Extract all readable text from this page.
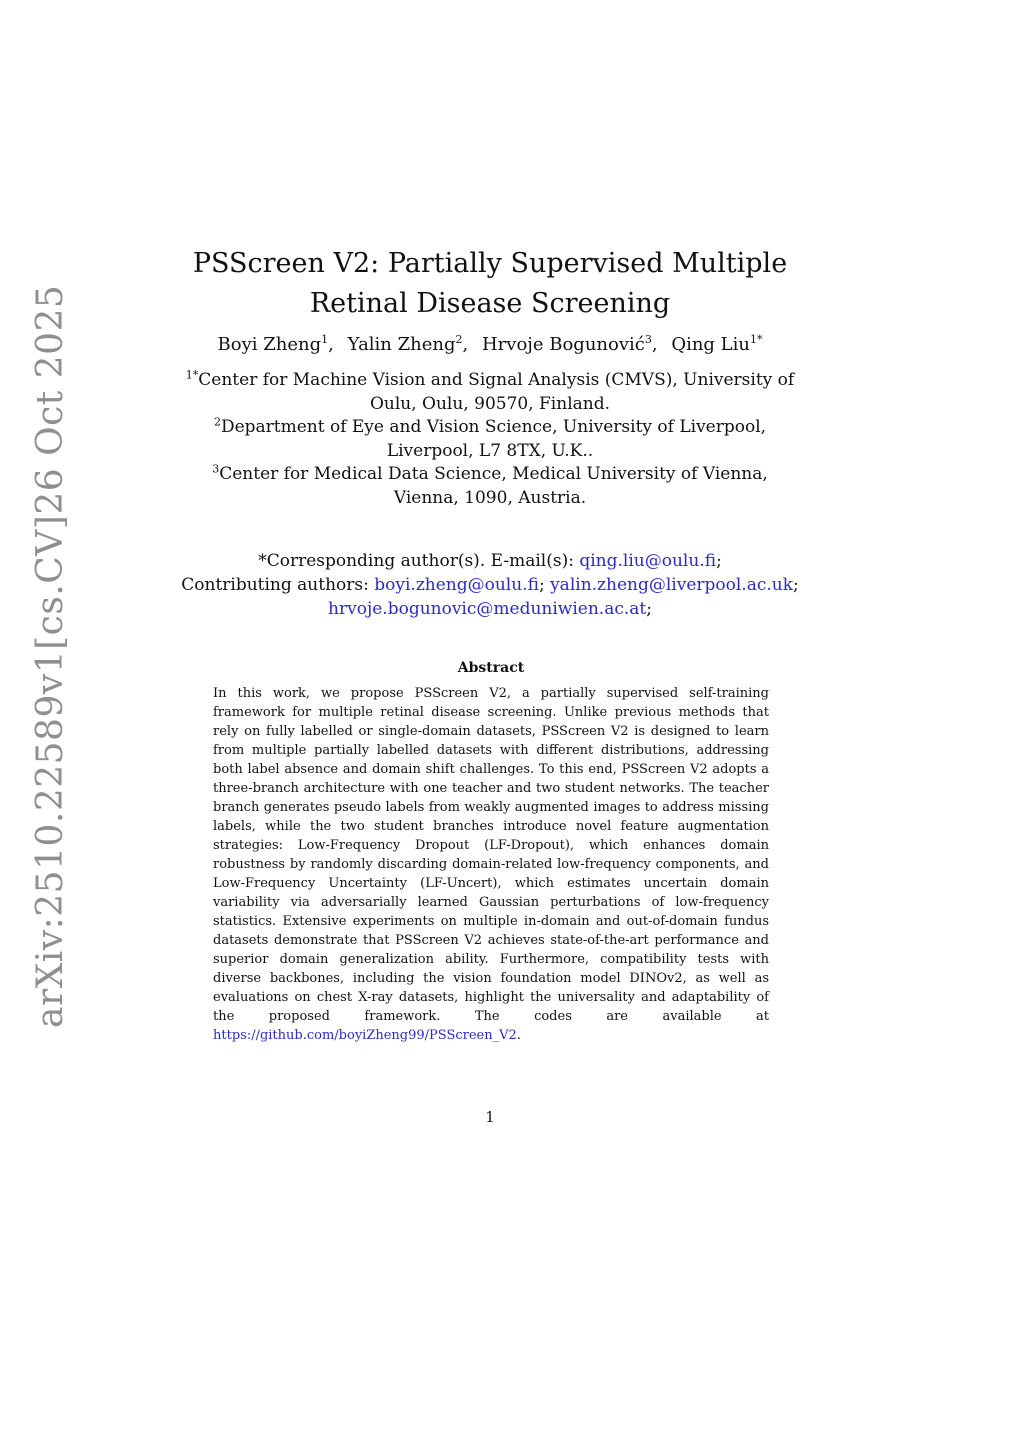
arXiv:2510.22589v1
[cs.CV]
26 Oct 2025
PSScreen V2: Partially Supervised Multiple
Retinal Disease Screening
Boyi Zheng$^1$, Yalin Zheng$^2$, Hrvoje Bogunović$^3$, Qing Liu$^{1*}$
$^{1*}$Center for Machine Vision and Signal Analysis (CMVS), University of Oulu, Oulu, 90570, Finland.
$^2$Department of Eye and Vision Science, University of Liverpool, Liverpool, L7 8TX, U.K..
$^3$Center for Medical Data Science, Medical University of Vienna, Vienna, 1090, Austria.
*Corresponding author(s). E-mail(s): qing.liu@oulu.fi;
Contributing authors: boyi.zheng@oulu.fi; yalin.zheng@liverpool.ac.uk;
hrvoje.bogunovic@meduniwien.ac.at;
Abstract
In this work, we propose PSScreen V2, a partially supervised self-training framework for multiple retinal disease screening. Unlike previous methods that rely on fully labelled or single-domain datasets, PSScreen V2 is designed to learn from multiple partially labelled datasets with different distributions, addressing both label absence and domain shift challenges. To this end, PSScreen V2 adopts a three-branch architecture with one teacher and two student networks. The teacher branch generates pseudo labels from weakly augmented images to address missing labels, while the two student branches introduce novel feature augmentation strategies: Low-Frequency Dropout (LF-Dropout), which enhances domain robustness by randomly discarding domain-related low-frequency components, and Low-Frequency Uncertainty (LF-Uncert), which estimates uncertain domain variability via adversarially learned Gaussian perturbations of low-frequency statistics. Extensive experiments on multiple in-domain and out-of-domain fundus datasets demonstrate that PSScreen V2 achieves state-of-the-art performance and superior domain generalization ability. Furthermore, compatibility tests with diverse backbones, including the vision foundation model DINOv2, as well as evaluations on chest X-ray datasets, highlight the universality and adaptability of the proposed framework. The codes are available at https://github.com/boyiZheng99/PSScreen_V2.
1
